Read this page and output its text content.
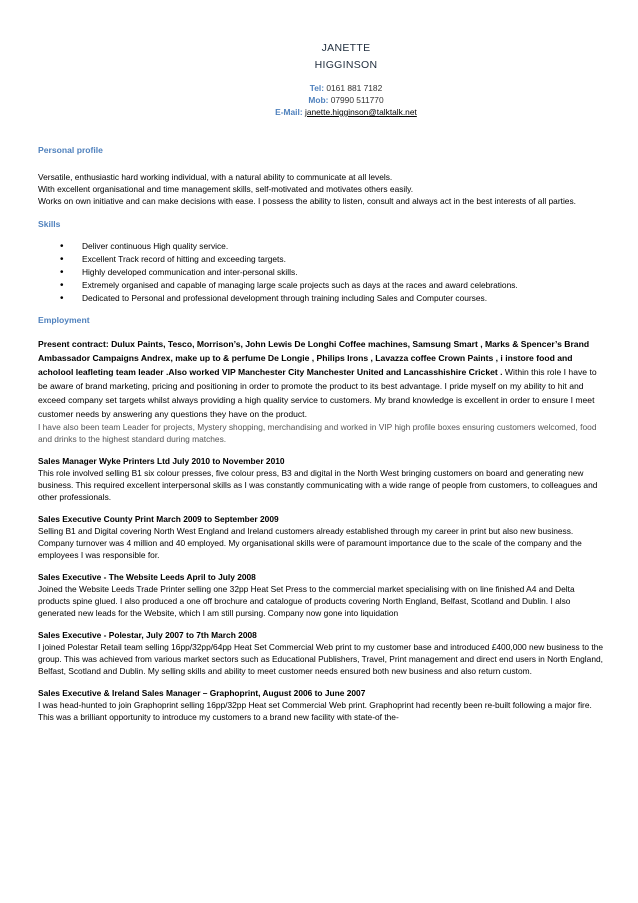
JANETTE
HIGGINSON
Tel: 0161 881 7182
Mob: 07990 511770
E-Mail: janette.higginson@talktalk.net
Personal profile

Versatile, enthusiastic hard working individual, with a natural ability to communicate at all levels.

With excellent organisational and time management skills, self-motivated and motivates others easily.

Works on own initiative and can make decisions with ease. I possess the ability to listen, consult and always act in the best interests of all parties.

Skills
• Deliver continuous High quality service.
• Excellent Track record of hitting and exceeding targets.
• Highly developed communication and inter-personal skills.
• Extremely organised and capable of managing large scale projects such as days at the races and award celebrations.
• Dedicated to Personal and professional development through training including Sales and Computer courses.
Employment

Present contract: Dulux Paints, Tesco, Morrison’s, John Lewis De Longhi Coffee machines, Samsung Smart , Marks & Spencer’s Brand Ambassador Campaigns Andrex, make up to & perfume De Longie , Philips Irons , Lavazza coffee Crown Paints , i instore food and acholool leafleting team leader .Also worked VIP Manchester City Manchester United and Lancasshishire Cricket . Within this role I have to be aware of brand marketing, pricing and positioning in order to promote the product to its best advantage. I pride myself on my ability to hit and exceed company set targets whilst always providing a high quality service to customers. My brand knowledge is excellent in order to ensure I meet customer needs by answering any questions they have on the product.

I have also been team Leader for projects, Mystery shopping, merchandising and worked in VIP high profile boxes ensuring customers welcomed, food and drinks to the highest standard during matches.

Sales Manager Wyke Printers Ltd July 2010 to November 2010

This role involved selling B1 six colour presses, five colour press, B3 and digital in the North West bringing customers on board and generating new business. This required excellent interpersonal skills as I was constantly communicating with a wide range of people from customers, to colleagues and other professionals.

Sales Executive County Print March 2009 to September 2009

Selling B1 and Digital covering North West England and Ireland customers already established through my career in print but also new business. Company turnover was 4 million and 40 employed. My organisational skills were of paramount importance due to the scale of the company and the employees I was responsible for.

Sales Executive - The Website Leeds April to July 2008

Joined the Website Leeds Trade Printer selling one 32pp Heat Set Press to the commercial market specialising with on line finished A4 and Delta products spine glued. I also produced a one off brochure and catalogue of products covering North England, Belfast, Scotland and Dublin. I also generated new leads for the Website, which I am still pursing. Company now gone into liquidation

Sales Executive - Polestar, July 2007 to 7th March 2008

I joined Polestar Retail team selling 16pp/32pp/64pp Heat Set Commercial Web print to my customer base and introduced £400,000 new business to the group. This was achieved from various market sectors such as Educational Publishers, Travel, Print management and direct end users in North England, Belfast, Scotland and Dublin. My selling skills and ability to meet customer needs ensured both new business and also return custom.

Sales Executive & Ireland Sales Manager – Graphoprint, August 2006 to June 2007

I was head-hunted to join Graphoprint selling 16pp/32pp Heat set Commercial Web print. Graphoprint had recently been re-built following a major fire. This was a brilliant opportunity to introduce my customers to a brand new facility with state-of the-
